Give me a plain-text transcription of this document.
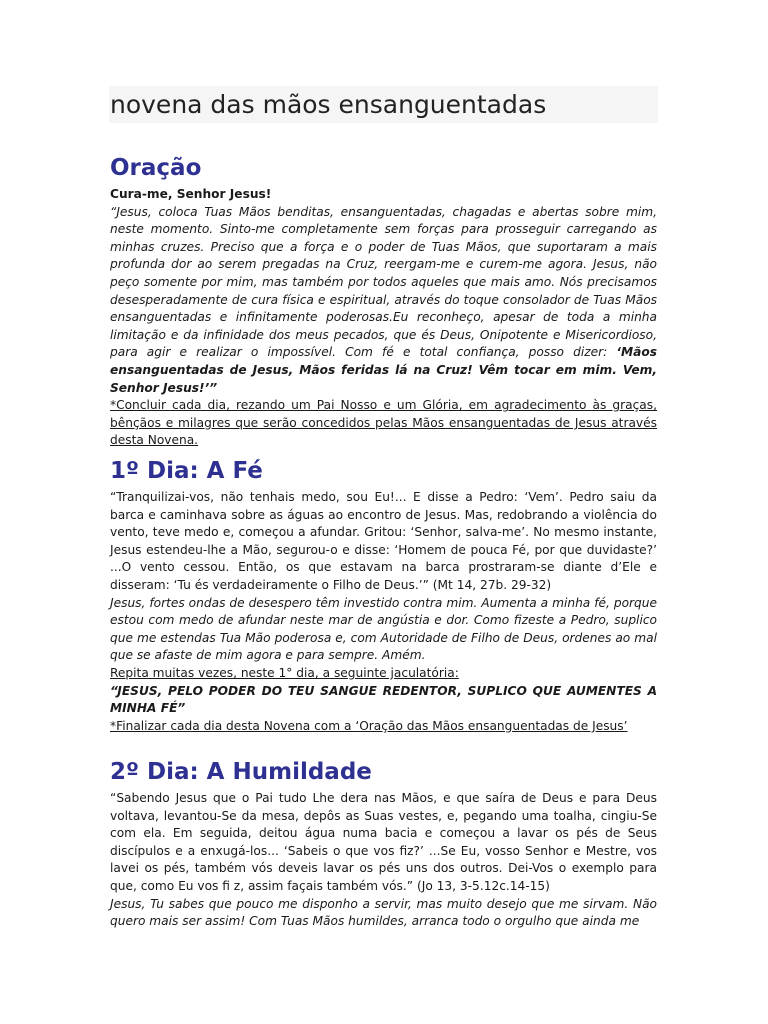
novena das mãos ensanguentadas
Oração

Cura-me, Senhor Jesus!

“Jesus, coloca Tuas Mãos benditas, ensanguentadas, chagadas e abertas sobre mim, neste momento. Sinto-me completamente sem forças para prosseguir carregando as minhas cruzes. Preciso que a força e o poder de Tuas Mãos, que suportaram a mais profunda dor ao serem pregadas na Cruz, reergam-me e curem-me agora. Jesus, não peço somente por mim, mas também por todos aqueles que mais amo. Nós precisamos desesperadamente de cura física e espiritual, através do toque consolador de Tuas Mãos ensanguentadas e infinitamente poderosas.Eu reconheço, apesar de toda a minha limitação e da infinidade dos meus pecados, que és Deus, Onipotente e Misericordioso, para agir e realizar o impossível. Com fé e total confiança, posso dizer: ‘Mãos ensanguentadas de Jesus, Mãos feridas lá na Cruz! Vêm tocar em mim. Vem, Senhor Jesus!’”

*Concluir cada dia, rezando um Pai Nosso e um Glória, em agradecimento às graças, bênçãos e milagres que serão concedidos pelas Mãos ensanguentadas de Jesus através desta Novena.

1º Dia: A Fé

“Tranquilizai-vos, não tenhais medo, sou Eu!... E disse a Pedro: ‘Vem’. Pedro saiu da barca e caminhava sobre as águas ao encontro de Jesus. Mas, redobrando a violência do vento, teve medo e, começou a afundar. Gritou: ‘Senhor, salva-me’. No mesmo instante, Jesus estendeu-lhe a Mão, segurou-o e disse: ‘Homem de pouca Fé, por que duvidaste?’ ...O vento cessou. Então, os que estavam na barca prostraram-se diante d’Ele e disseram: ‘Tu és verdadeiramente o Filho de Deus.’” (Mt 14, 27b. 29-32)

Jesus, fortes ondas de desespero têm investido contra mim. Aumenta a minha fé, porque estou com medo de afundar neste mar de angústia e dor. Como fizeste a Pedro, suplico que me estendas Tua Mão poderosa e, com Autoridade de Filho de Deus, ordenes ao mal que se afaste de mim agora e para sempre. Amém.

Repita muitas vezes, neste 1° dia, a seguinte jaculatória:

“JESUS, PELO PODER DO TEU SANGUE REDENTOR, SUPLICO QUE AUMENTES A MINHA FÉ”

*Finalizar cada dia desta Novena com a ‘Oração das Mãos ensanguentadas de Jesus’

2º Dia: A Humildade

“Sabendo Jesus que o Pai tudo Lhe dera nas Mãos, e que saíra de Deus e para Deus voltava, levantou-Se da mesa, depôs as Suas vestes, e, pegando uma toalha, cingiu-Se com ela. Em seguida, deitou água numa bacia e começou a lavar os pés de Seus discípulos e a enxugá-los... ‘Sabeis o que vos fiz?’ ...Se Eu, vosso Senhor e Mestre, vos lavei os pés, também vós deveis lavar os pés uns dos outros. Dei-Vos o exemplo para que, como Eu vos fi z, assim façais também vós.” (Jo 13, 3-5.12c.14-15)

Jesus, Tu sabes que pouco me disponho a servir, mas muito desejo que me sirvam. Não quero mais ser assim! Com Tuas Mãos humildes, arranca todo o orgulho que ainda me
